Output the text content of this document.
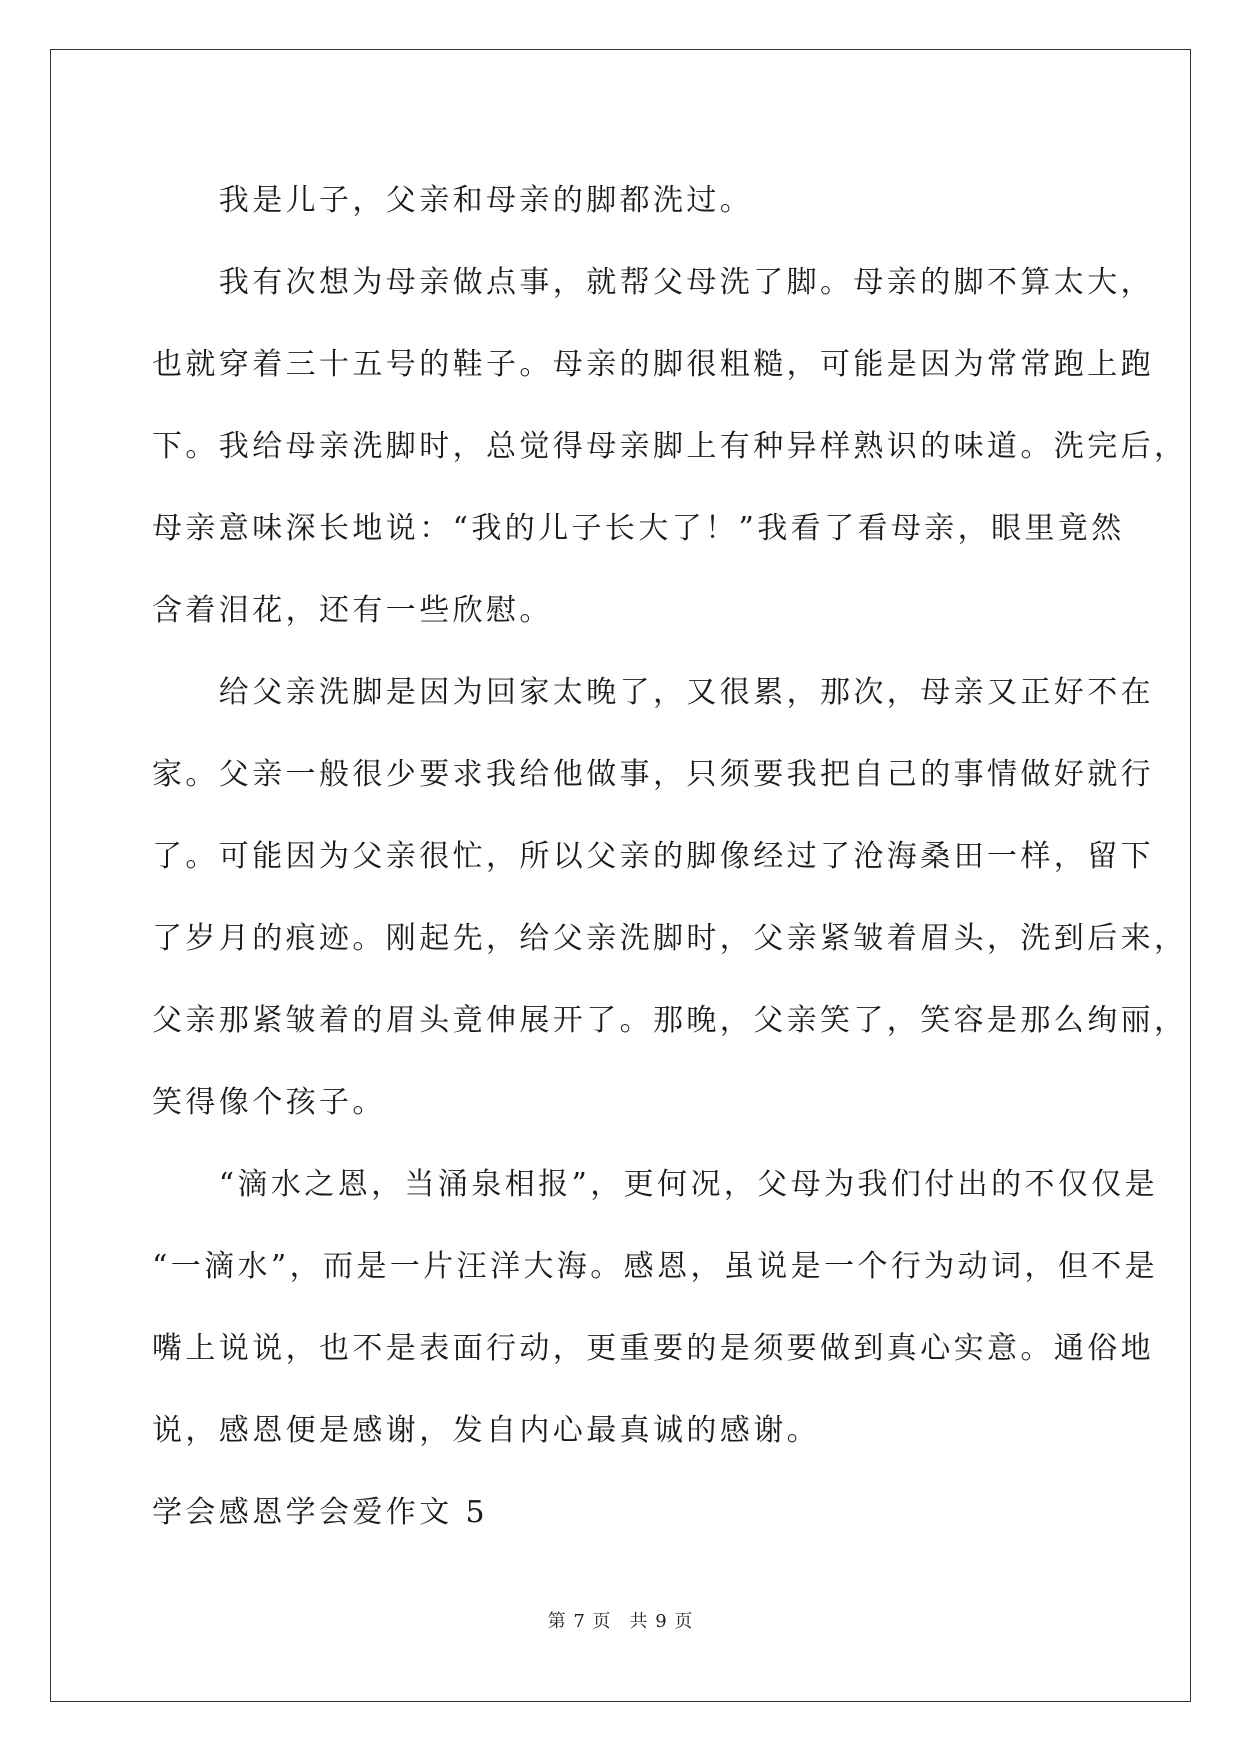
　　我是儿子，父亲和母亲的脚都洗过。

　　我有次想为母亲做点事，就帮父母洗了脚。母亲的脚不算太大，

也就穿着三十五号的鞋子。母亲的脚很粗糙，可能是因为常常跑上跑

下。我给母亲洗脚时，总觉得母亲脚上有种异样熟识的味道。洗完后，

母亲意味深长地说：“我的儿子长大了！”我看了看母亲，眼里竟然

含着泪花，还有一些欣慰。

　　给父亲洗脚是因为回家太晚了，又很累，那次，母亲又正好不在

家。父亲一般很少要求我给他做事，只须要我把自己的事情做好就行

了。可能因为父亲很忙，所以父亲的脚像经过了沧海桑田一样，留下

了岁月的痕迹。刚起先，给父亲洗脚时，父亲紧皱着眉头，洗到后来，

父亲那紧皱着的眉头竟伸展开了。那晚，父亲笑了，笑容是那么绚丽，

笑得像个孩子。

　　“滴水之恩，当涌泉相报”，更何况，父母为我们付出的不仅仅是

“一滴水”，而是一片汪洋大海。感恩，虽说是一个行为动词，但不是

嘴上说说，也不是表面行动，更重要的是须要做到真心实意。通俗地

说，感恩便是感谢，发自内心最真诚的感谢。

学会感恩学会爱作文 5

第 7 页 共 9 页
